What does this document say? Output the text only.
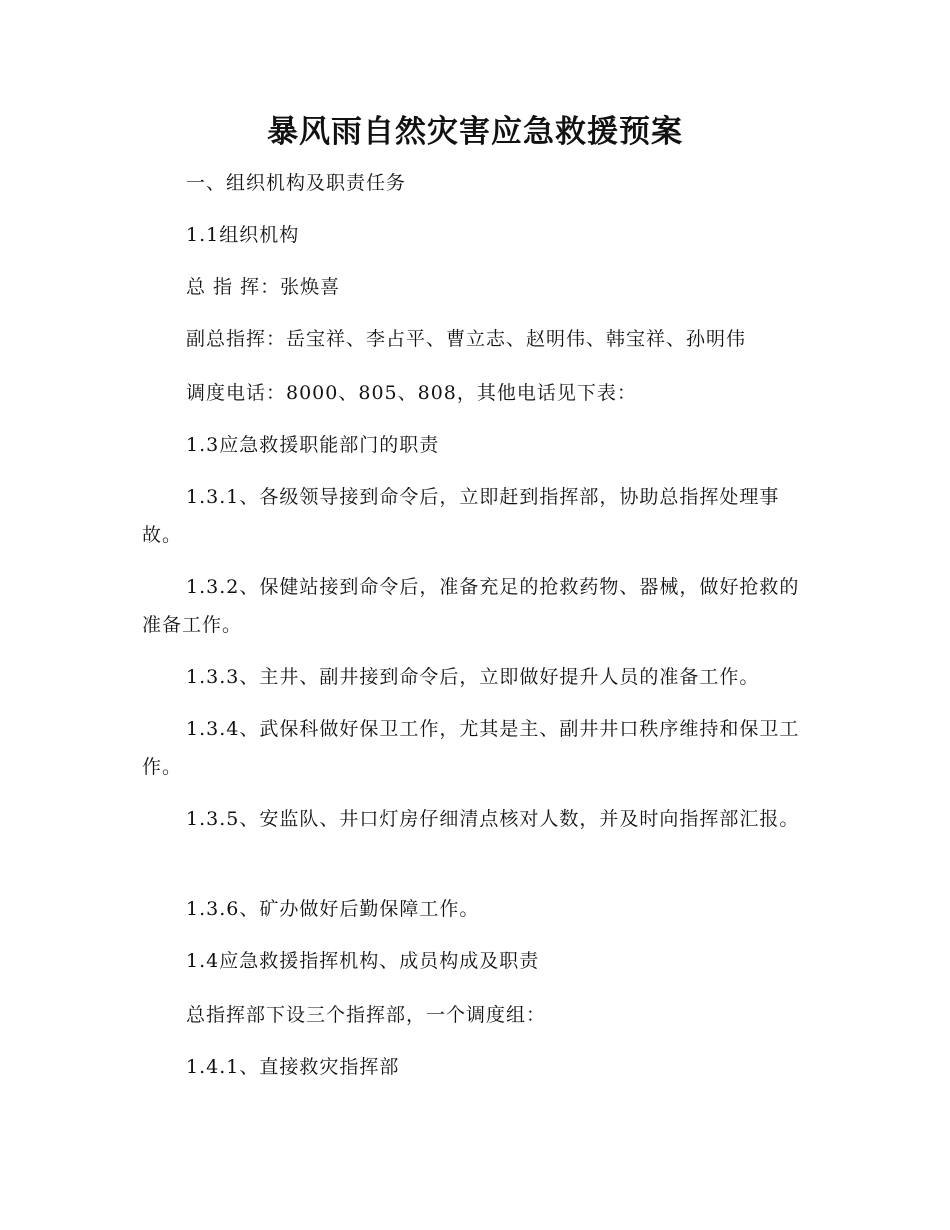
暴风雨自然灾害应急救援预案

一、组织机构及职责任务

1.1组织机构

总 指 挥：张焕喜

副总指挥：岳宝祥、李占平、曹立志、赵明伟、韩宝祥、孙明伟

调度电话：8000、805、808，其他电话见下表：

1.3应急救援职能部门的职责

1.3.1、各级领导接到命令后，立即赶到指挥部，协助总指挥处理事故。

1.3.2、保健站接到命令后，准备充足的抢救药物、器械，做好抢救的准备工作。

1.3.3、主井、副井接到命令后，立即做好提升人员的准备工作。

1.3.4、武保科做好保卫工作，尤其是主、副井井口秩序维持和保卫工作。

1.3.5、安监队、井口灯房仔细清点核对人数，并及时向指挥部汇报。

1.3.6、矿办做好后勤保障工作。

1.4应急救援指挥机构、成员构成及职责

总指挥部下设三个指挥部，一个调度组：

1.4.1、直接救灾指挥部
